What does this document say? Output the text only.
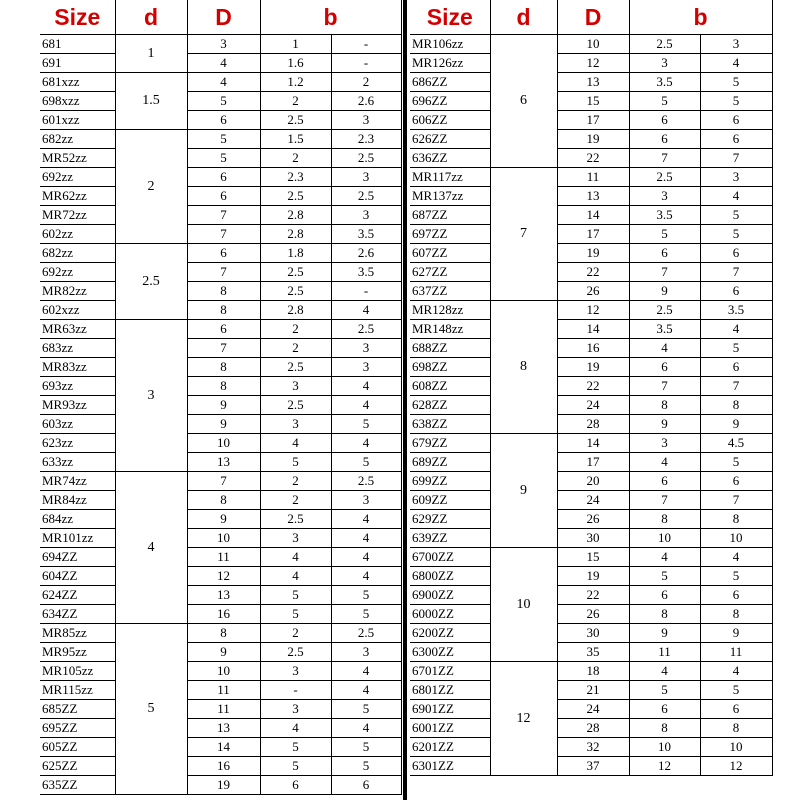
Size	d	D	b	
681	1	3	1	-
691		4	1.6	-
681xzz	1.5	4	1.2	2
698xzz		5	2	2.6
601xzz		6	2.5	3
682zz	2	5	1.5	2.3
MR52zz		5	2	2.5
692zz		6	2.3	3
MR62zz		6	2.5	2.5
MR72zz		7	2.8	3
602zz		7	2.8	3.5
682zz	2.5	6	1.8	2.6
692zz		7	2.5	3.5
MR82zz		8	2.5	-
602xzz		8	2.8	4
MR63zz	3	6	2	2.5
683zz		7	2	3
MR83zz		8	2.5	3
693zz		8	3	4
MR93zz		9	2.5	4
603zz		9	3	5
623zz		10	4	4
633zz		13	5	5
MR74zz	4	7	2	2.5
MR84zz		8	2	3
684zz		9	2.5	4
MR101zz		10	3	4
694ZZ		11	4	4
604ZZ		12	4	4
624ZZ		13	5	5
634ZZ		16	5	5
MR85zz	5	8	2	2.5
MR95zz		9	2.5	3
MR105zz		10	3	4
MR115zz		11	-	4
685ZZ		11	3	5
695ZZ		13	4	4
605ZZ		14	5	5
625ZZ		16	5	5
635ZZ		19	6	6
Size	d	D	b	
MR106zz	6	10	2.5	3
MR126zz		12	3	4
686ZZ		13	3.5	5
696ZZ		15	5	5
606ZZ		17	6	6
626ZZ		19	6	6
636ZZ		22	7	7
MR117zz	7	11	2.5	3
MR137zz		13	3	4
687ZZ		14	3.5	5
697ZZ		17	5	5
607ZZ		19	6	6
627ZZ		22	7	7
637ZZ		26	9	6
MR128zz	8	12	2.5	3.5
MR148zz		14	3.5	4
688ZZ		16	4	5
698ZZ		19	6	6
608ZZ		22	7	7
628ZZ		24	8	8
638ZZ		28	9	9
679ZZ	9	14	3	4.5
689ZZ		17	4	5
699ZZ		20	6	6
609ZZ		24	7	7
629ZZ		26	8	8
639ZZ		30	10	10
6700ZZ	10	15	4	4
6800ZZ		19	5	5
6900ZZ		22	6	6
6000ZZ		26	8	8
6200ZZ		30	9	9
6300ZZ		35	11	11
6701ZZ	12	18	4	4
6801ZZ		21	5	5
6901ZZ		24	6	6
6001ZZ		28	8	8
6201ZZ		32	10	10
6301ZZ		37	12	12
